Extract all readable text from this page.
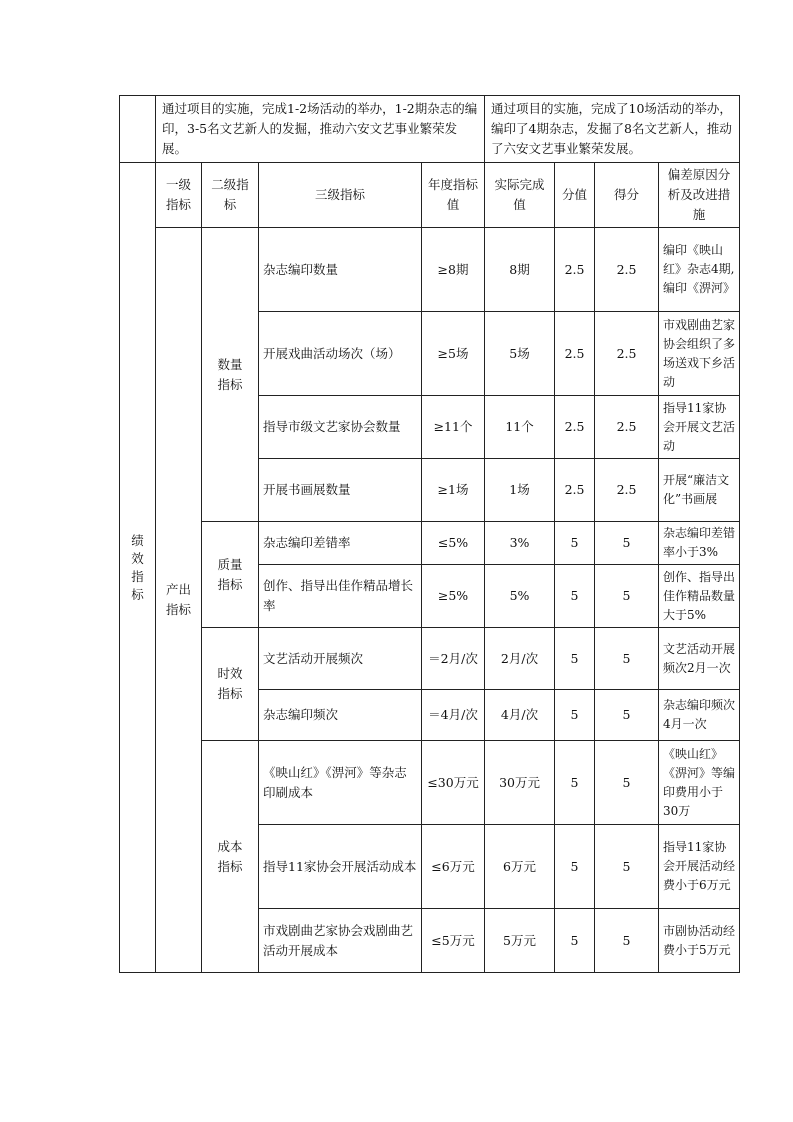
	通过项目的实施，完成1-2场活动的举办，1-2期杂志的编印，3-5名文艺新人的发掘，推动六安文艺事业繁荣发展。				通过项目的实施，完成了10场活动的举办，编印了4期杂志，发掘了8名文艺新人，推动了六安文艺事业繁荣发展。			

绩效指标	一级指标	二级指标	三级指标	年度指标值	实际完成值	分值	得分	偏差原因分析及改进措施

	产出指标	数量指标	杂志编印数量	≥8期	8期	2.5	2.5	编印《映山红》杂志4期,编印《淠河》
			开展戏曲活动场次（场）	≥5场	5场	2.5	2.5	市戏剧曲艺家协会组织了多场送戏下乡活动
			指导市级文艺家协会数量	≥11个	11个	2.5	2.5	指导11家协会开展文艺活动
			开展书画展数量	≥1场	1场	2.5	2.5	开展“廉洁文化”书画展

		质量指标	杂志编印差错率	≤5%	3%	5	5	杂志编印差错率小于3%
			创作、指导出佳作精品增长率	≥5%	5%	5	5	创作、指导出佳作精品数量大于5%

		时效指标	文艺活动开展频次	＝2月/次	2月/次	5	5	文艺活动开展频次2月一次
			杂志编印频次	＝4月/次	4月/次	5	5	杂志编印频次4月一次

		成本指标	《映山红》《淠河》等杂志印刷成本	≤30万元	30万元	5	5	《映山红》《淠河》等编印费用小于30万
			指导11家协会开展活动成本	≤6万元	6万元	5	5	指导11家协会开展活动经费小于6万元
			市戏剧曲艺家协会戏剧曲艺活动开展成本	≤5万元	5万元	5	5	市剧协活动经费小于5万元
